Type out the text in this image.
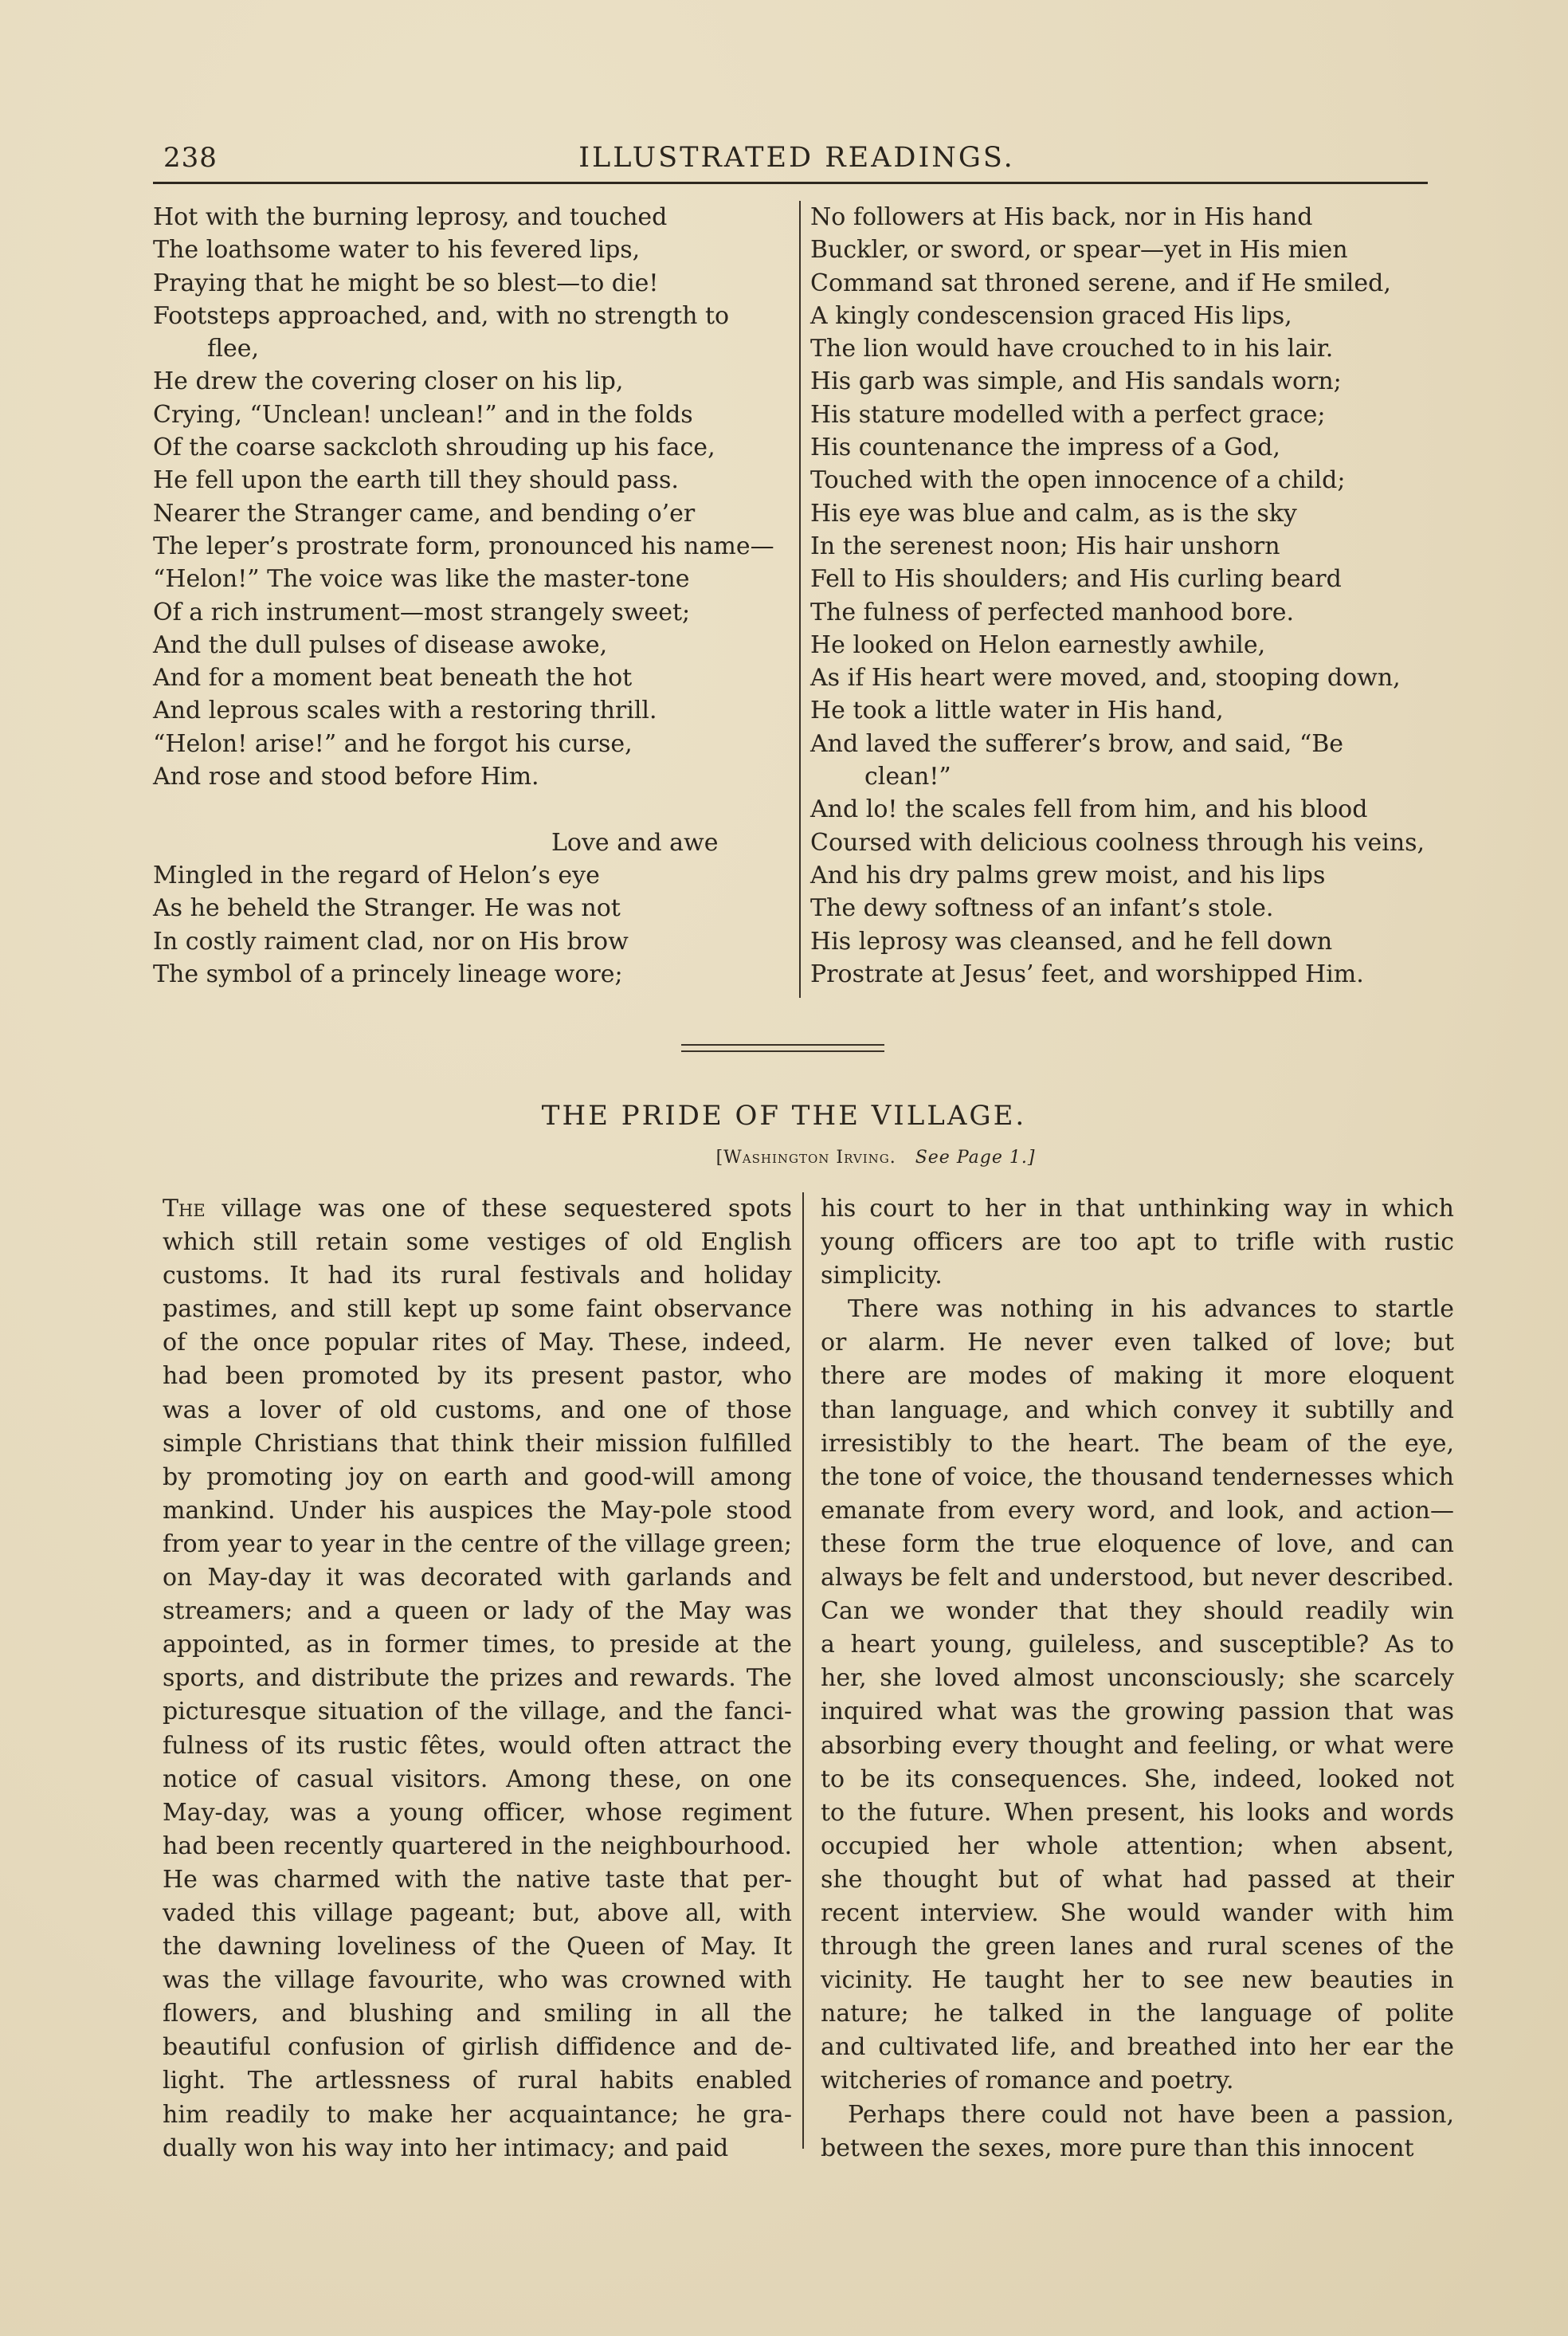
238	ILLUSTRATED READINGS.
Hot with the burning leprosy, and touched
The loathsome water to his fevered lips,
Praying that he might be so blest—to die!
Footsteps approached, and, with no strength to
flee,
He drew the covering closer on his lip,
Crying, “Unclean! unclean!” and in the folds
Of the coarse sackcloth shrouding up his face,
He fell upon the earth till they should pass.
Nearer the Stranger came, and bending o’er
The leper’s prostrate form, pronounced his name—
“Helon!” The voice was like the master-tone
Of a rich instrument—most strangely sweet;
And the dull pulses of disease awoke,
And for a moment beat beneath the hot
And leprous scales with a restoring thrill.
“Helon! arise!” and he forgot his curse,
And rose and stood before Him.
Love and awe
Mingled in the regard of Helon’s eye
As he beheld the Stranger. He was not
In costly raiment clad, nor on His brow
The symbol of a princely lineage wore;
No followers at His back, nor in His hand
Buckler, or sword, or spear—yet in His mien
Command sat throned serene, and if He smiled,
A kingly condescension graced His lips,
The lion would have crouched to in his lair.
His garb was simple, and His sandals worn;
His stature modelled with a perfect grace;
His countenance the impress of a God,
Touched with the open innocence of a child;
His eye was blue and calm, as is the sky
In the serenest noon; His hair unshorn
Fell to His shoulders; and His curling beard
The fulness of perfected manhood bore.
He looked on Helon earnestly awhile,
As if His heart were moved, and, stooping down,
He took a little water in His hand,
And laved the sufferer’s brow, and said, “Be
clean!”
And lo! the scales fell from him, and his blood
Coursed with delicious coolness through his veins,
And his dry palms grew moist, and his lips
The dewy softness of an infant’s stole.
His leprosy was cleansed, and he fell down
Prostrate at Jesus’ feet, and worshipped Him.
THE PRIDE OF THE VILLAGE.
[Washington Irving. See Page 1.]
The village was one of these sequestered spots
which still retain some vestiges of old English
customs. It had its rural festivals and holiday
pastimes, and still kept up some faint observance
of the once popular rites of May. These, indeed,
had been promoted by its present pastor, who
was a lover of old customs, and one of those
simple Christians that think their mission fulfilled
by promoting joy on earth and good-will among
mankind. Under his auspices the May-pole stood
from year to year in the centre of the village green;
on May-day it was decorated with garlands and
streamers; and a queen or lady of the May was
appointed, as in former times, to preside at the
sports, and distribute the prizes and rewards. The
picturesque situation of the village, and the fanci-
fulness of its rustic fêtes, would often attract the
notice of casual visitors. Among these, on one
May-day, was a young officer, whose regiment
had been recently quartered in the neighbourhood.
He was charmed with the native taste that per-
vaded this village pageant; but, above all, with
the dawning loveliness of the Queen of May. It
was the village favourite, who was crowned with
flowers, and blushing and smiling in all the
beautiful confusion of girlish diffidence and de-
light. The artlessness of rural habits enabled
him readily to make her acquaintance; he gra-
dually won his way into her intimacy; and paid
his court to her in that unthinking way in which
young officers are too apt to trifle with rustic
simplicity.
There was nothing in his advances to startle
or alarm. He never even talked of love; but
there are modes of making it more eloquent
than language, and which convey it subtilly and
irresistibly to the heart. The beam of the eye,
the tone of voice, the thousand tendernesses which
emanate from every word, and look, and action—
these form the true eloquence of love, and can
always be felt and understood, but never described.
Can we wonder that they should readily win
a heart young, guileless, and susceptible? As to
her, she loved almost unconsciously; she scarcely
inquired what was the growing passion that was
absorbing every thought and feeling, or what were
to be its consequences. She, indeed, looked not
to the future. When present, his looks and words
occupied her whole attention; when absent,
she thought but of what had passed at their
recent interview. She would wander with him
through the green lanes and rural scenes of the
vicinity. He taught her to see new beauties in
nature; he talked in the language of polite
and cultivated life, and breathed into her ear the
witcheries of romance and poetry.
Perhaps there could not have been a passion,
between the sexes, more pure than this innocent
